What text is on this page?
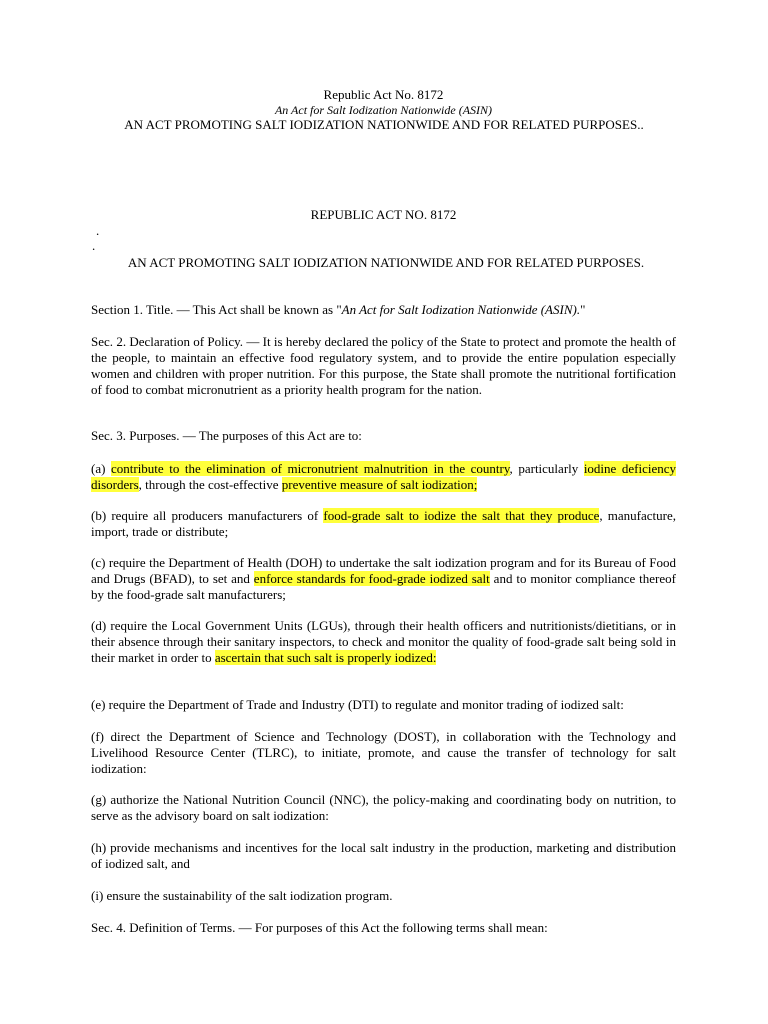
Republic Act No. 8172
An Act for Salt Iodization Nationwide (ASIN)
AN ACT PROMOTING SALT IODIZATION NATIONWIDE AND FOR RELATED PURPOSES..
REPUBLIC ACT NO. 8172
.
.
AN ACT PROMOTING SALT IODIZATION NATIONWIDE AND FOR RELATED PURPOSES.
Section 1. Title. — This Act shall be known as "An Act for Salt Iodization Nationwide (ASIN)."
Sec. 2. Declaration of Policy. — It is hereby declared the policy of the State to protect and promote the health of the people, to maintain an effective food regulatory system, and to provide the entire population especially women and children with proper nutrition. For this purpose, the State shall promote the nutritional fortification of food to combat micronutrient as a priority health program for the nation.
Sec. 3. Purposes. — The purposes of this Act are to:
(a) contribute to the elimination of micronutrient malnutrition in the country, particularly iodine deficiency disorders, through the cost-effective preventive measure of salt iodization;
(b) require all producers manufacturers of food-grade salt to iodize the salt that they produce, manufacture, import, trade or distribute;
(c) require the Department of Health (DOH) to undertake the salt iodization program and for its Bureau of Food and Drugs (BFAD), to set and enforce standards for food-grade iodized salt and to monitor compliance thereof by the food-grade salt manufacturers;
(d) require the Local Government Units (LGUs), through their health officers and nutritionists/dietitians, or in their absence through their sanitary inspectors, to check and monitor the quality of food-grade salt being sold in their market in order to ascertain that such salt is properly iodized:
(e) require the Department of Trade and Industry (DTI) to regulate and monitor trading of iodized salt:
(f) direct the Department of Science and Technology (DOST), in collaboration with the Technology and Livelihood Resource Center (TLRC), to initiate, promote, and cause the transfer of technology for salt iodization:
(g) authorize the National Nutrition Council (NNC), the policy-making and coordinating body on nutrition, to serve as the advisory board on salt iodization:
(h) provide mechanisms and incentives for the local salt industry in the production, marketing and distribution of iodized salt, and
(i) ensure the sustainability of the salt iodization program.
Sec. 4. Definition of Terms. — For purposes of this Act the following terms shall mean:
